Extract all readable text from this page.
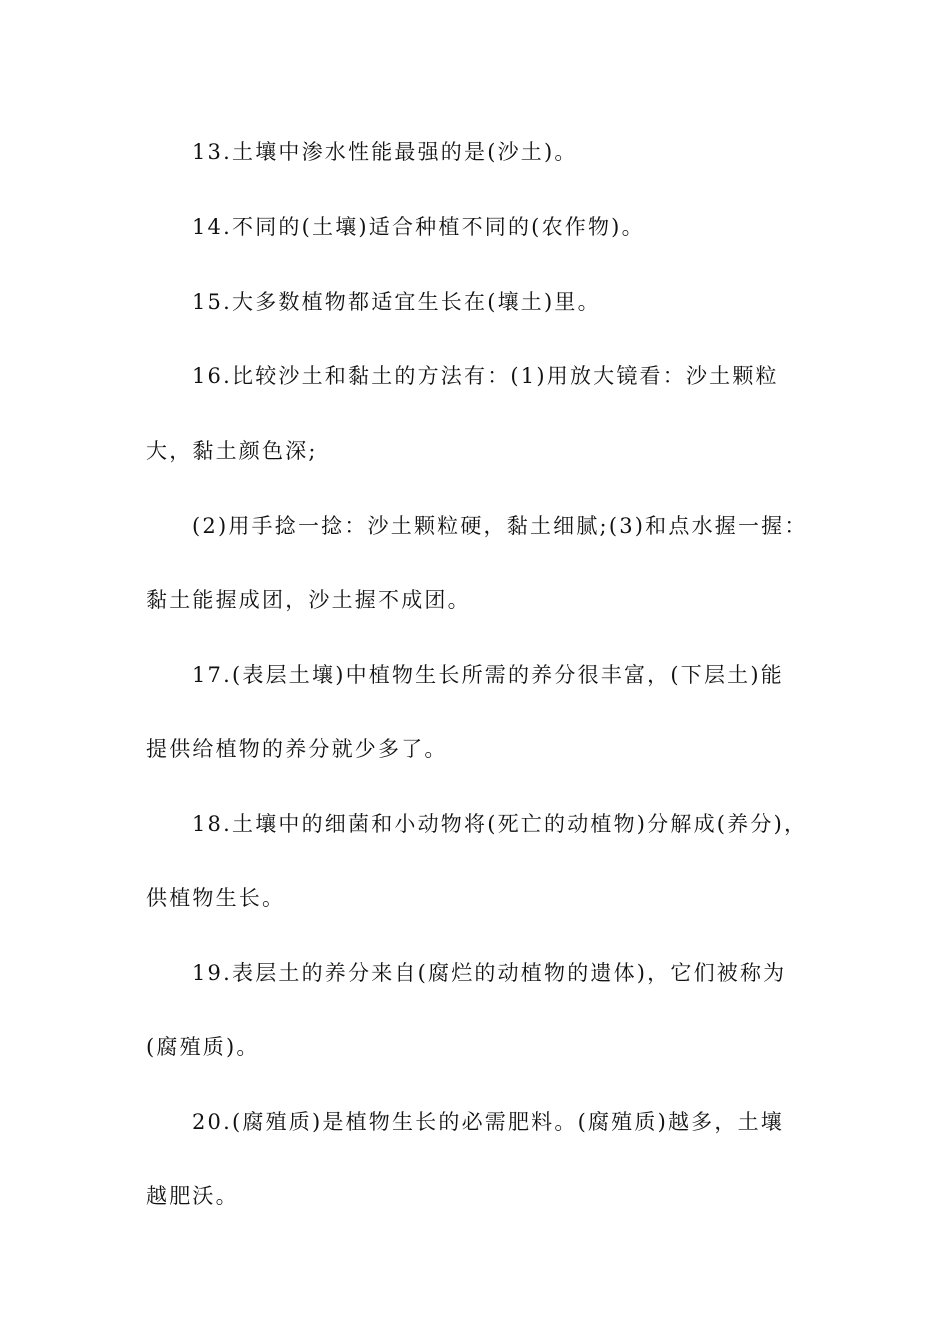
13.土壤中渗水性能最强的是(沙土)。
14.不同的(土壤)适合种植不同的(农作物)。
15.大多数植物都适宜生长在(壤土)里。
16.比较沙土和黏土的方法有：(1)用放大镜看：沙土颗粒
大，黏土颜色深;
(2)用手捻一捻：沙土颗粒硬，黏土细腻;(3)和点水握一握：
黏土能握成团，沙土握不成团。
17.(表层土壤)中植物生长所需的养分很丰富，(下层土)能
提供给植物的养分就少多了。
18.土壤中的细菌和小动物将(死亡的动植物)分解成(养分)，
供植物生长。
19.表层土的养分来自(腐烂的动植物的遗体)，它们被称为
(腐殖质)。
20.(腐殖质)是植物生长的必需肥料。(腐殖质)越多，土壤
越肥沃。
